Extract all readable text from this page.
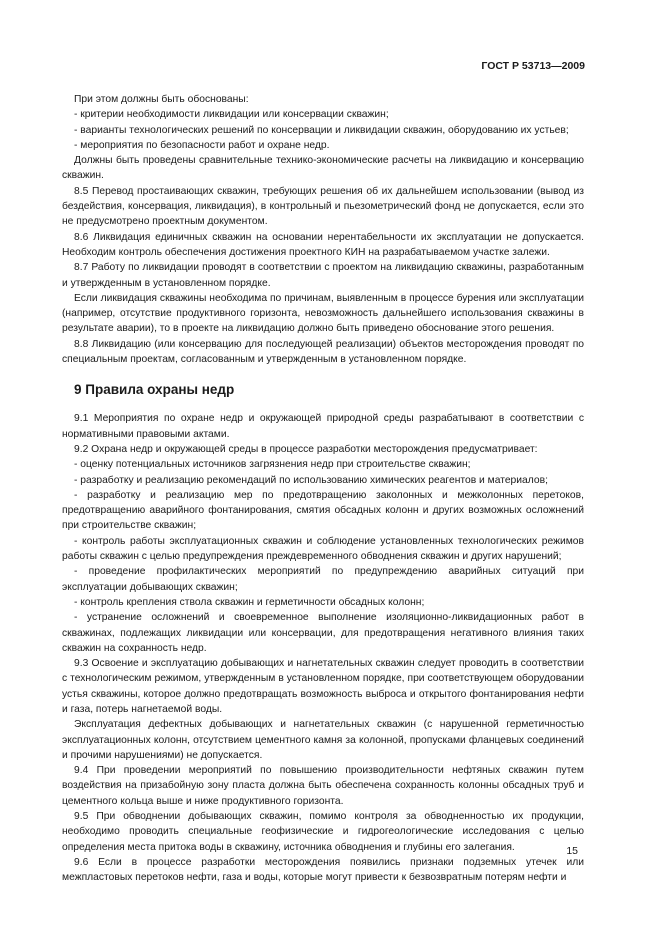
ГОСТ Р 53713—2009

При этом должны быть обоснованы:

- критерии необходимости ликвидации или консервации скважин;

- варианты технологических решений по консервации и ликвидации скважин, оборудованию их устьев;

- мероприятия по безопасности работ и охране недр.

Должны быть проведены сравнительные технико-экономические расчеты на ликвидацию и консервацию скважин.

8.5 Перевод простаивающих скважин, требующих решения об их дальнейшем использовании (вывод из бездействия, консервация, ликвидация), в контрольный и пьезометрический фонд не допускается, если это не предусмотрено проектным документом.

8.6 Ликвидация единичных скважин на основании нерентабельности их эксплуатации не допускается. Необходим контроль обеспечения достижения проектного КИН на разрабатываемом участке залежи.

8.7 Работу по ликвидации проводят в соответствии с проектом на ликвидацию скважины, разработанным и утвержденным в установленном порядке.

Если ликвидация скважины необходима по причинам, выявленным в процессе бурения или эксплуатации (например, отсутствие продуктивного горизонта, невозможность дальнейшего использования скважины в результате аварии), то в проекте на ликвидацию должно быть приведено обоснование этого решения.

8.8 Ликвидацию (или консервацию для последующей реализации) объектов месторождения проводят по специальным проектам, согласованным и утвержденным в установленном порядке.

9 Правила охраны недр

9.1 Мероприятия по охране недр и окружающей природной среды разрабатывают в соответствии с нормативными правовыми актами.

9.2 Охрана недр и окружающей среды в процессе разработки месторождения предусматривает:

- оценку потенциальных источников загрязнения недр при строительстве скважин;

- разработку и реализацию рекомендаций по использованию химических реагентов и материалов;

- разработку и реализацию мер по предотвращению заколонных и межколонных перетоков, предотвращению аварийного фонтанирования, смятия обсадных колонн и других возможных осложнений при строительстве скважин;

- контроль работы эксплуатационных скважин и соблюдение установленных технологических режимов работы скважин с целью предупреждения преждевременного обводнения скважин и других нарушений;

- проведение профилактических мероприятий по предупреждению аварийных ситуаций при эксплуатации добывающих скважин;

- контроль крепления ствола скважин и герметичности обсадных колонн;

- устранение осложнений и своевременное выполнение изоляционно-ликвидационных работ в скважинах, подлежащих ликвидации или консервации, для предотвращения негативного влияния таких скважин на сохранность недр.

9.3 Освоение и эксплуатацию добывающих и нагнетательных скважин следует проводить в соответствии с технологическим режимом, утвержденным в установленном порядке, при соответствующем оборудовании устья скважины, которое должно предотвращать возможность выброса и открытого фонтанирования нефти и газа, потерь нагнетаемой воды.

Эксплуатация дефектных добывающих и нагнетательных скважин (с нарушенной герметичностью эксплуатационных колонн, отсутствием цементного камня за колонной, пропусками фланцевых соединений и прочими нарушениями) не допускается.

9.4 При проведении мероприятий по повышению производительности нефтяных скважин путем воздействия на призабойную зону пласта должна быть обеспечена сохранность колонны обсадных труб и цементного кольца выше и ниже продуктивного горизонта.

9.5 При обводнении добывающих скважин, помимо контроля за обводненностью их продукции, необходимо проводить специальные геофизические и гидрогеологические исследования с целью определения места притока воды в скважину, источника обводнения и глубины его залегания.

9.6 Если в процессе разработки месторождения появились признаки подземных утечек или межпластовых перетоков нефти, газа и воды, которые могут привести к безвозвратным потерям нефти и

15
